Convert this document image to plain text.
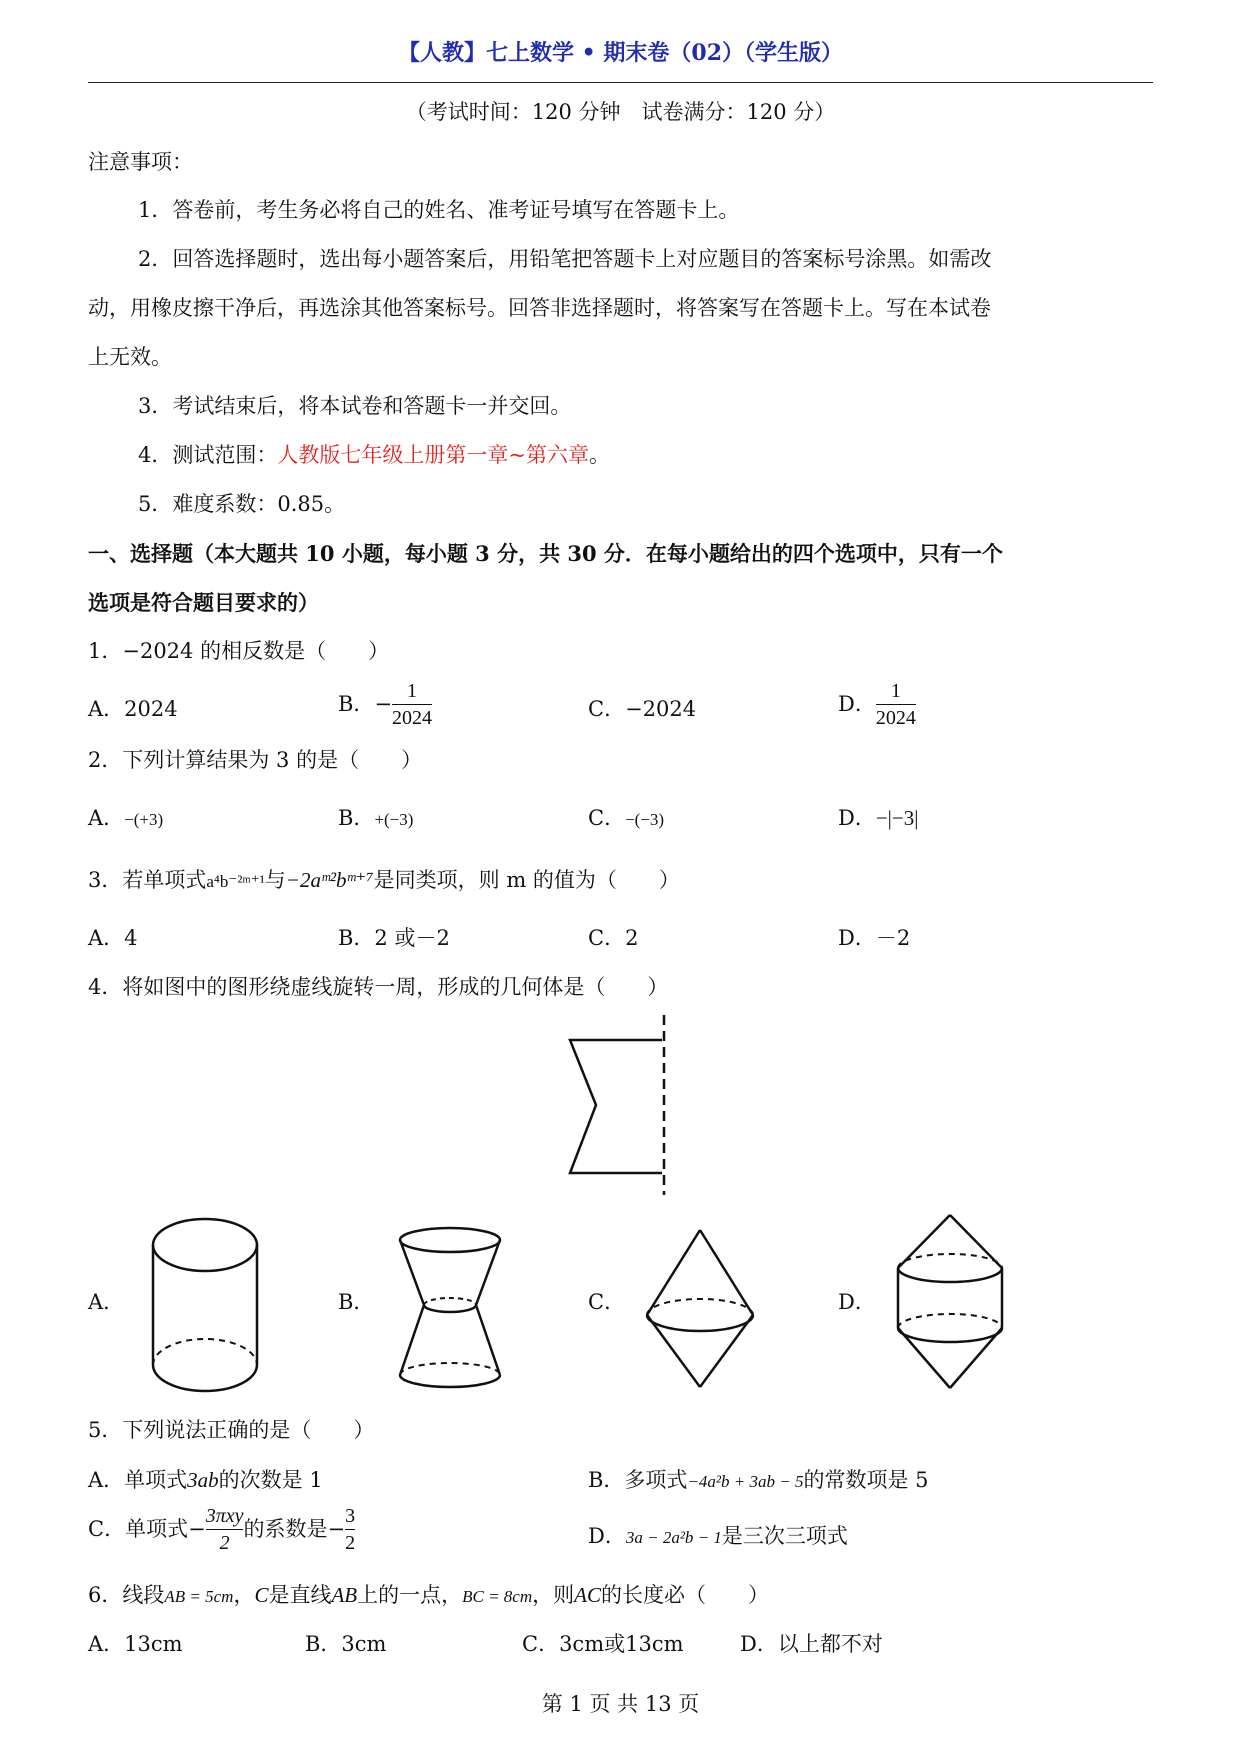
【人教】七上数学 • 期末卷（02）（学生版）
（考试时间：120 分钟　试卷满分：120 分）
注意事项：
1．答卷前，考生务必将自己的姓名、准考证号填写在答题卡上。
2．回答选择题时，选出每小题答案后，用铅笔把答题卡上对应题目的答案标号涂黑。如需改
动，用橡皮擦干净后，再选涂其他答案标号。回答非选择题时，将答案写在答题卡上。写在本试卷
上无效。
3．考试结束后，将本试卷和答题卡一并交回。
4．测试范围：人教版七年级上册第一章~第六章。
5．难度系数：0.85。
一、选择题（本大题共 10 小题，每小题 3 分，共 30 分．在每小题给出的四个选项中，只有一个
选项是符合题目要求的）
1．−2024 的相反数是（　　）
A．2024	B． − $\frac{1}{2024}$	C．−2024	D． $\frac{1}{2024}$
2．下列计算结果为 3 的是（　　）
A．−(+3)	B．+(−3)	C．−(−3)	D．−|−3|
3．若单项式a⁴b⁻²ᵐ⁺¹与−2aᵐ²bᵐ⁺⁷是同类项，则 m 的值为（　　）
A．4	B．2 或－2	C．2	D．－2
4．将如图中的图形绕虚线旋转一周，形成的几何体是（　　）
A．	B．	C．	D．
5．下列说法正确的是（　　）
A．单项式3ab的次数是 1	B．多项式−4a²b + 3ab − 5的常数项是 5
C．单项式 − $\frac{\text{3πxy}}{2}$ 的系数是 − $\frac{3}{2}$	D．3a − 2a²b − 1是三次三项式
6．线段AB = 5cm，C是直线AB上的一点，BC = 8cm，则AC的长度必（　　）
A．13cm	B．3cm	C．3cm或13cm	D．以上都不对
第 1 页 共 13 页
